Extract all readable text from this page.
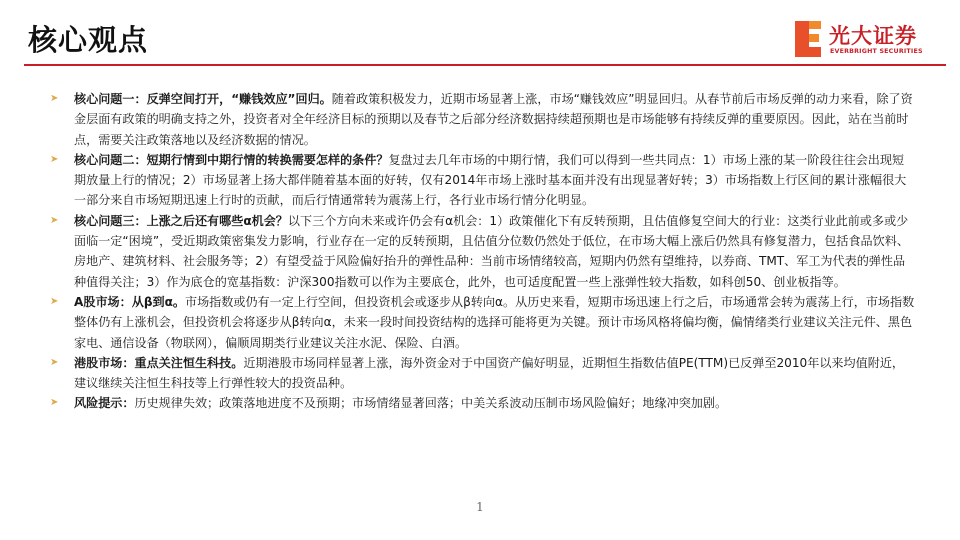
核心观点	光大证券
EVERBRIGHT SECURITIES
➤ 核心问题一：反弹空间打开，“赚钱效应”回归。随着政策积极发力，近期市场显著上涨，市场“赚钱效应”明显回归。从春节前后市场反弹的动力来看，除了资金层面有政策的明确支持之外，投资者对全年经济目标的预期以及春节之后部分经济数据持续超预期也是市场能够有持续反弹的重要原因。因此，站在当前时点，需要关注政策落地以及经济数据的情况。
➤ 核心问题二：短期行情到中期行情的转换需要怎样的条件？复盘过去几年市场的中期行情，我们可以得到一些共同点：1）市场上涨的某一阶段往往会出现短期放量上行的情况；2）市场显著上扬大都伴随着基本面的好转，仅有2014年市场上涨时基本面并没有出现显著好转；3）市场指数上行区间的累计涨幅很大一部分来自市场短期迅速上行时的贡献，而后行情通常转为震荡上行，各行业市场行情分化明显。
➤ 核心问题三：上涨之后还有哪些α机会？以下三个方向未来或许仍会有α机会：1）政策催化下有反转预期，且估值修复空间大的行业：这类行业此前或多或少面临一定“困境”，受近期政策密集发力影响，行业存在一定的反转预期，且估值分位数仍然处于低位，在市场大幅上涨后仍然具有修复潜力，包括食品饮料、房地产、建筑材料、社会服务等；2）有望受益于风险偏好抬升的弹性品种：当前市场情绪较高，短期内仍然有望维持，以券商、TMT、军工为代表的弹性品种值得关注；3）作为底仓的宽基指数：沪深300指数可以作为主要底仓，此外，也可适度配置一些上涨弹性较大指数，如科创50、创业板指等。
➤ A股市场：从β到α。市场指数或仍有一定上行空间，但投资机会或逐步从β转向α。从历史来看，短期市场迅速上行之后，市场通常会转为震荡上行，市场指数整体仍有上涨机会，但投资机会将逐步从β转向α，未来一段时间投资结构的选择可能将更为关键。预计市场风格将偏均衡，偏情绪类行业建议关注元件、黑色家电、通信设备（物联网），偏顺周期类行业建议关注水泥、保险、白酒。
➤ 港股市场：重点关注恒生科技。近期港股市场同样显著上涨，海外资金对于中国资产偏好明显，近期恒生指数估值PE(TTM)已反弹至2010年以来均值附近，建议继续关注恒生科技等上行弹性较大的投资品种。
➤ 风险提示：历史规律失效；政策落地进度不及预期；市场情绪显著回落；中美关系波动压制市场风险偏好；地缘冲突加剧。
1
